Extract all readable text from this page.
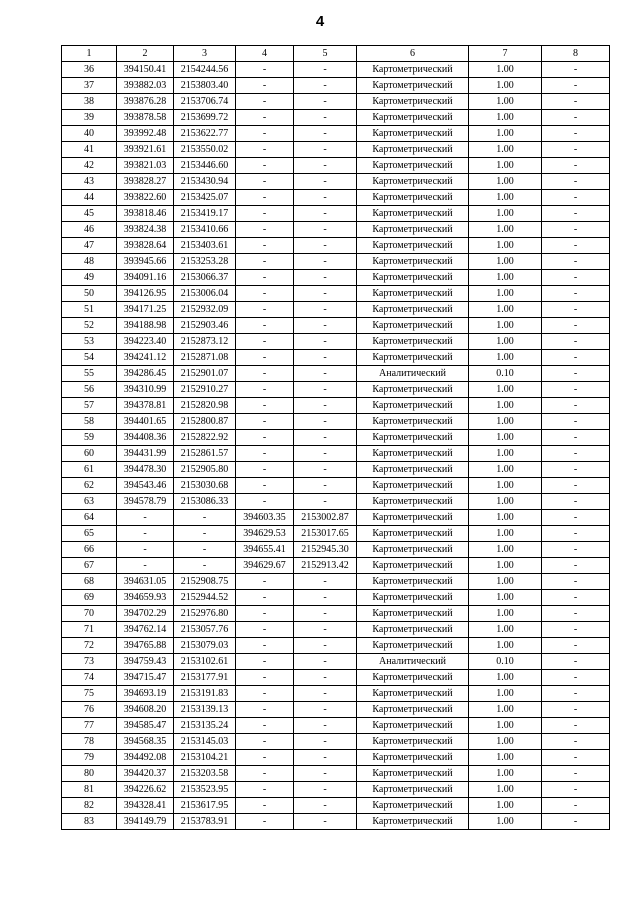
4
1	2	3	4	5	6	7	8
36	394150.41	2154244.56	-	-	Картометрический	1.00	-
37	393882.03	2153803.40	-	-	Картометрический	1.00	-
38	393876.28	2153706.74	-	-	Картометрический	1.00	-
39	393878.58	2153699.72	-	-	Картометрический	1.00	-
40	393992.48	2153622.77	-	-	Картометрический	1.00	-
41	393921.61	2153550.02	-	-	Картометрический	1.00	-
42	393821.03	2153446.60	-	-	Картометрический	1.00	-
43	393828.27	2153430.94	-	-	Картометрический	1.00	-
44	393822.60	2153425.07	-	-	Картометрический	1.00	-
45	393818.46	2153419.17	-	-	Картометрический	1.00	-
46	393824.38	2153410.66	-	-	Картометрический	1.00	-
47	393828.64	2153403.61	-	-	Картометрический	1.00	-
48	393945.66	2153253.28	-	-	Картометрический	1.00	-
49	394091.16	2153066.37	-	-	Картометрический	1.00	-
50	394126.95	2153006.04	-	-	Картометрический	1.00	-
51	394171.25	2152932.09	-	-	Картометрический	1.00	-
52	394188.98	2152903.46	-	-	Картометрический	1.00	-
53	394223.40	2152873.12	-	-	Картометрический	1.00	-
54	394241.12	2152871.08	-	-	Картометрический	1.00	-
55	394286.45	2152901.07	-	-	Аналитический	0.10	-
56	394310.99	2152910.27	-	-	Картометрический	1.00	-
57	394378.81	2152820.98	-	-	Картометрический	1.00	-
58	394401.65	2152800.87	-	-	Картометрический	1.00	-
59	394408.36	2152822.92	-	-	Картометрический	1.00	-
60	394431.99	2152861.57	-	-	Картометрический	1.00	-
61	394478.30	2152905.80	-	-	Картометрический	1.00	-
62	394543.46	2153030.68	-	-	Картометрический	1.00	-
63	394578.79	2153086.33	-	-	Картометрический	1.00	-
64	-	-	394603.35	2153002.87	Картометрический	1.00	-
65	-	-	394629.53	2153017.65	Картометрический	1.00	-
66	-	-	394655.41	2152945.30	Картометрический	1.00	-
67	-	-	394629.67	2152913.42	Картометрический	1.00	-
68	394631.05	2152908.75	-	-	Картометрический	1.00	-
69	394659.93	2152944.52	-	-	Картометрический	1.00	-
70	394702.29	2152976.80	-	-	Картометрический	1.00	-
71	394762.14	2153057.76	-	-	Картометрический	1.00	-
72	394765.88	2153079.03	-	-	Картометрический	1.00	-
73	394759.43	2153102.61	-	-	Аналитический	0.10	-
74	394715.47	2153177.91	-	-	Картометрический	1.00	-
75	394693.19	2153191.83	-	-	Картометрический	1.00	-
76	394608.20	2153139.13	-	-	Картометрический	1.00	-
77	394585.47	2153135.24	-	-	Картометрический	1.00	-
78	394568.35	2153145.03	-	-	Картометрический	1.00	-
79	394492.08	2153104.21	-	-	Картометрический	1.00	-
80	394420.37	2153203.58	-	-	Картометрический	1.00	-
81	394226.62	2153523.95	-	-	Картометрический	1.00	-
82	394328.41	2153617.95	-	-	Картометрический	1.00	-
83	394149.79	2153783.91	-	-	Картометрический	1.00	-
